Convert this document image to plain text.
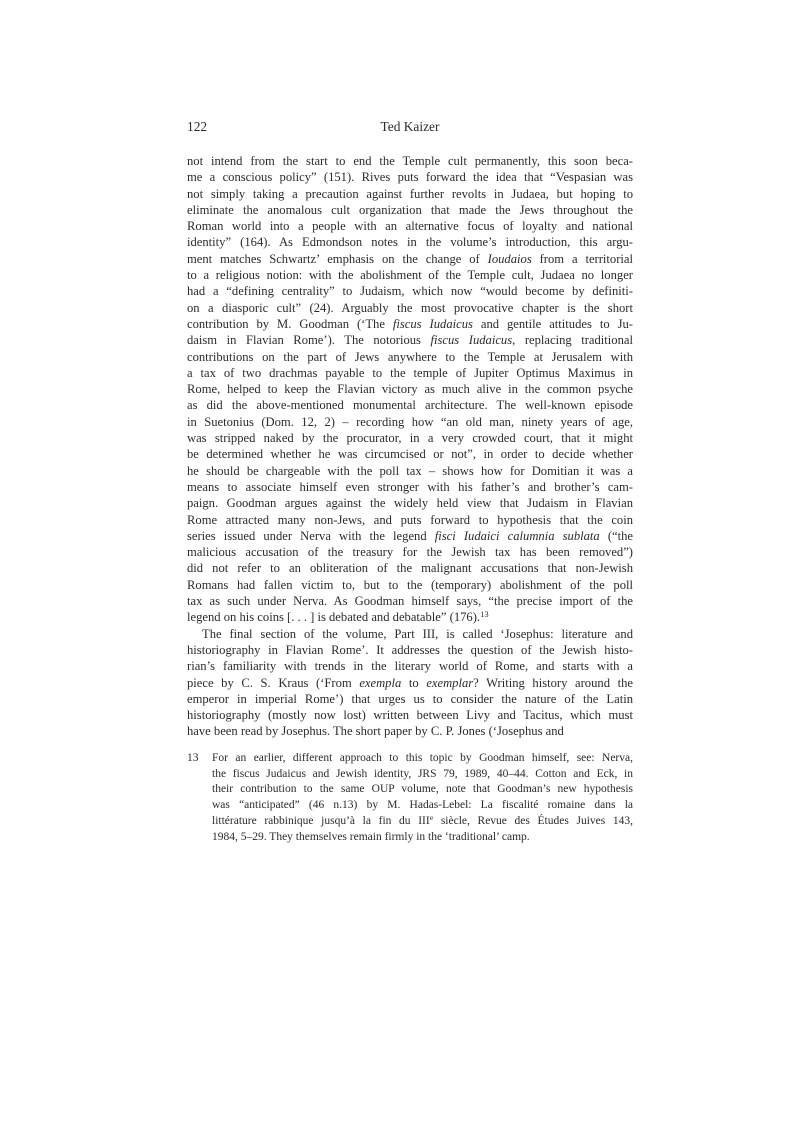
122	Ted Kaizer
not intend from the start to end the Temple cult permanently, this soon beca-
me a conscious policy” (151). Rives puts forward the idea that “Vespasian was
not simply taking a precaution against further revolts in Judaea, but hoping to
eliminate the anomalous cult organization that made the Jews throughout the
Roman world into a people with an alternative focus of loyalty and national
identity” (164). As Edmondson notes in the volume’s introduction, this argu-
ment matches Schwartz’ emphasis on the change of Ioudaios from a territorial
to a religious notion: with the abolishment of the Temple cult, Judaea no longer
had a “defining centrality” to Judaism, which now “would become by definiti-
on a diasporic cult” (24). Arguably the most provocative chapter is the short
contribution by M. Goodman (‘The fiscus Iudaicus and gentile attitudes to Ju-
daism in Flavian Rome’). The notorious fiscus Iudaicus, replacing traditional
contributions on the part of Jews anywhere to the Temple at Jerusalem with
a tax of two drachmas payable to the temple of Jupiter Optimus Maximus in
Rome, helped to keep the Flavian victory as much alive in the common psyche
as did the above-mentioned monumental architecture. The well-known episode
in Suetonius (Dom. 12, 2) – recording how “an old man, ninety years of age,
was stripped naked by the procurator, in a very crowded court, that it might
be determined whether he was circumcised or not”, in order to decide whether
he should be chargeable with the poll tax – shows how for Domitian it was a
means to associate himself even stronger with his father’s and brother’s cam-
paign. Goodman argues against the widely held view that Judaism in Flavian
Rome attracted many non-Jews, and puts forward to hypothesis that the coin
series issued under Nerva with the legend fisci Iudaici calumnia sublata (“the
malicious accusation of the treasury for the Jewish tax has been removed”)
did not refer to an obliteration of the malignant accusations that non-Jewish
Romans had fallen victim to, but to the (temporary) abolishment of the poll
tax as such under Nerva. As Goodman himself says, “the precise import of the
legend on his coins [. . . ] is debated and debatable” (176).$^{13}$
The final section of the volume, Part III, is called ‘Josephus: literature and
historiography in Flavian Rome’. It addresses the question of the Jewish histo-
rian’s familiarity with trends in the literary world of Rome, and starts with a
piece by C. S. Kraus (‘From exempla to exemplar? Writing history around the
emperor in imperial Rome’) that urges us to consider the nature of the Latin
historiography (mostly now lost) written between Livy and Tacitus, which must
have been read by Josephus. The short paper by C. P. Jones (‘Josephus and
13	For an earlier, different approach to this topic by Goodman himself, see: Nerva,
the fiscus Judaicus and Jewish identity, JRS 79, 1989, 40–44. Cotton and Eck, in
their contribution to the same OUP volume, note that Goodman’s new hypothesis
was “anticipated” (46 n.13) by M. Hadas-Lebel: La fiscalité romaine dans la
littérature rabbinique jusqu’à la fin du IIIe siècle, Revue des Études Juives 143,
1984, 5–29. They themselves remain firmly in the ‘traditional’ camp.
